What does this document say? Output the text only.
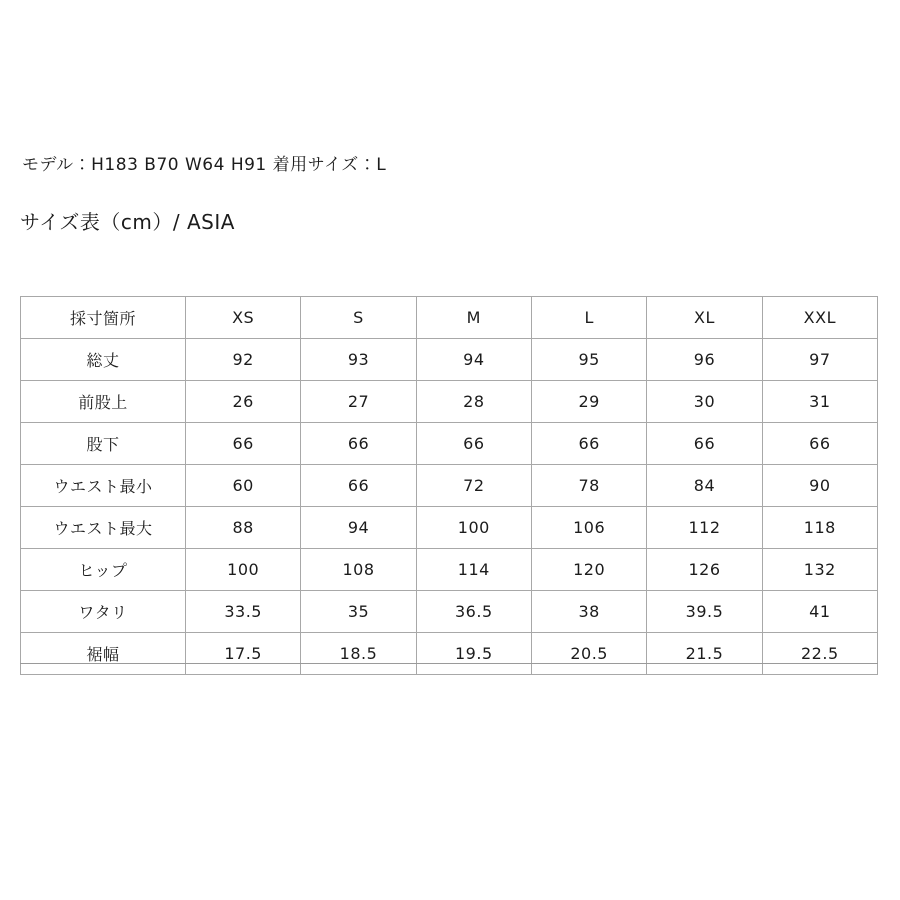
モデル：H183 B70 W64 H91 着用サイズ：L
サイズ表（cm）/ ASIA
採寸箇所	XS	S	M	L	XL	XXL
総丈	92	93	94	95	96	97
前股上	26	27	28	29	30	31
股下	66	66	66	66	66	66
ウエスト最小	60	66	72	78	84	90
ウエスト最大	88	94	100	106	112	118
ヒップ	100	108	114	120	126	132
ワタリ	33.5	35	36.5	38	39.5	41
裾幅	17.5	18.5	19.5	20.5	21.5	22.5
